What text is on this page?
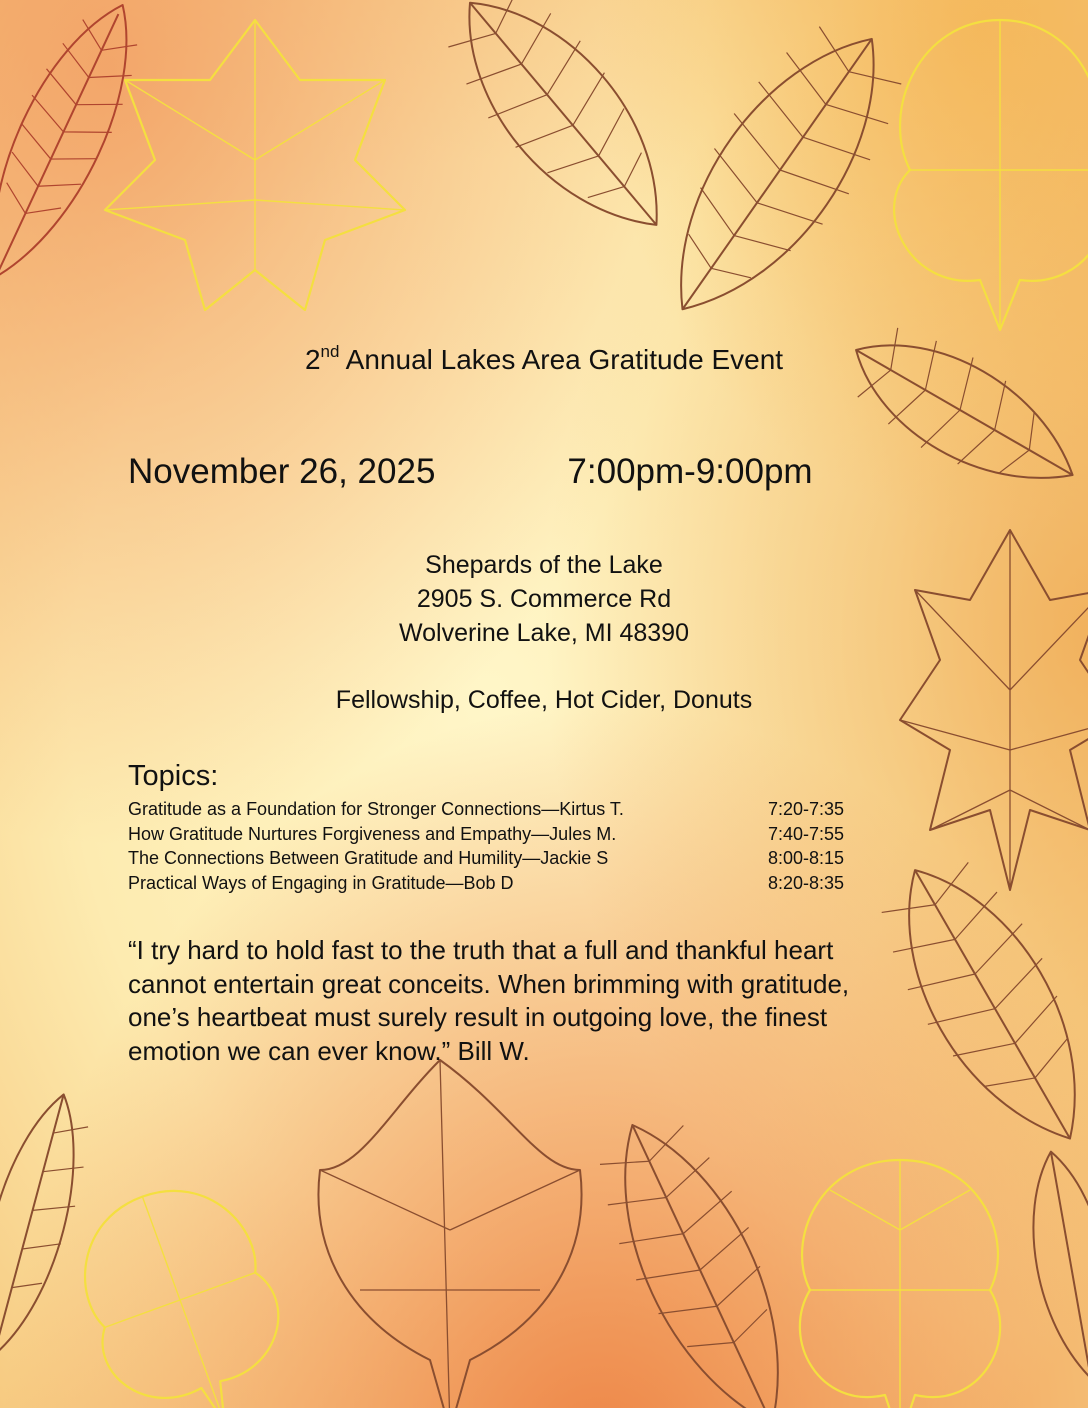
2nd Annual Lakes Area Gratitude Event
November 26, 2025	7:00pm-9:00pm
Shepards of the Lake
2905 S. Commerce Rd
Wolverine Lake, MI 48390
Fellowship, Coffee, Hot Cider, Donuts
Topics:
Gratitude as a Foundation for Stronger Connections—Kirtus T.	7:20-7:35
How Gratitude Nurtures Forgiveness and Empathy—Jules M.	7:40-7:55
The Connections Between Gratitude and Humility—Jackie S	8:00-8:15
Practical Ways of Engaging in Gratitude—Bob D	8:20-8:35
“I try hard to hold fast to the truth that a full and thankful heart
cannot entertain great conceits. When brimming with gratitude,
one’s heartbeat must surely result in outgoing love, the finest
emotion we can ever know.” Bill W.
